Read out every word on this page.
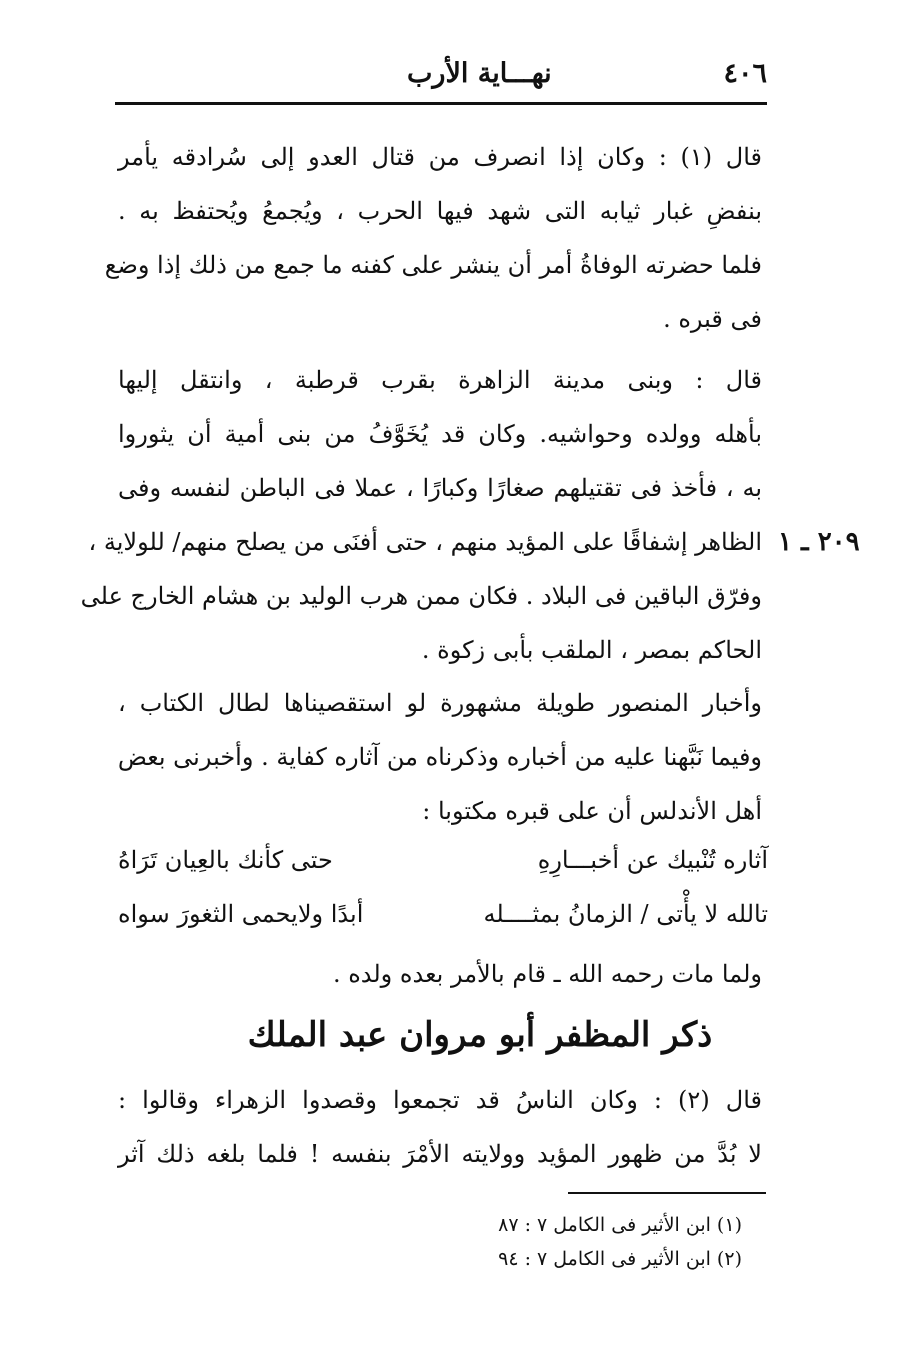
٤٠٦
نهـــاية الأرب
قال (١) : وكان إذا انصرف من قتال العدو إلى سُرادقه يأمر
بنفضِ غبار ثيابه التى شهد فيها الحرب ، ويُجمعُ ويُحتفظ به .
فلما حضرته الوفاةُ أمر أن ينشر على كفنه ما جمع من ذلك إذا وضع
فى قبره .
قال : وبنى مدينة الزاهرة بقرب قرطبة ، وانتقل إليها
بأهله وولده وحواشيه. وكان قد يُخَوَّفُ من بنى أمية أن يثوروا
به ، فأخذ فى تقتيلهم صغارًا وكبارًا ، عملا فى الباطن لنفسه وفى
الظاهر إشفاقًا على المؤيد منهم ، حتى أفنَى من يصلح منهم/ للولاية ،
وفرّق الباقين فى البلاد . فكان ممن هرب الوليد بن هشام الخارج على
الحاكم بمصر ، الملقب بأبى زكوة .
٢٠٩ ـ ١
وأخبار المنصور طويلة مشهورة لو استقصيناها لطال الكتاب ،
وفيما نَبَّهنا عليه من أخباره وذكرناه من آثاره كفاية . وأخبرنى بعض
أهل الأندلس أن على قبره مكتوبا :
آثاره تُنْبيك عن أخبـــارِهِ
حتى كأنك بالعِيان تَرَاهُ
تالله لا يأْتى / الزمانُ بمثــــله
أبدًا ولايحمى الثغورَ سواه
ولما مات رحمه الله ـ قام بالأمر بعده ولده .
ذكر المظفر أبو مروان عبد الملك
قال (٢) : وكان الناسُ قد تجمعوا وقصدوا الزهراء وقالوا :
لا بُدَّ من ظهور المؤيد وولايته الأمْرَ بنفسه ! فلما بلغه ذلك آثر
(١) ابن الأثير فى الكامل ٧ : ٨٧
(٢) ابن الأثير فى الكامل ٧ : ٩٤
